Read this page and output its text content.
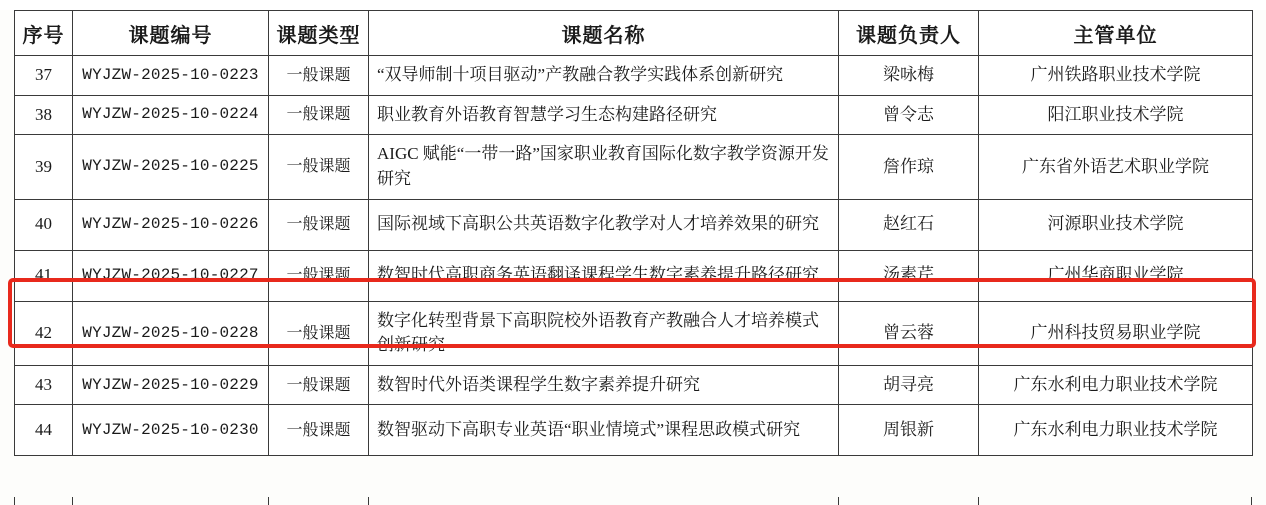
序号	课题编号	课题类型	课题名称	课题负责人	主管单位

37	WYJZW-2025-10-0223	一般课题	“双导师制十项目驱动”产教融合教学实践体系创新研究	梁咏梅	广州铁路职业技术学院

38	WYJZW-2025-10-0224	一般课题	职业教育外语教育智慧学习生态构建路径研究	曾令志	阳江职业技术学院

39	WYJZW-2025-10-0225	一般课题	AIGC 赋能“一带一路”国家职业教育国际化数字教学资源开发研究	詹作琼	广东省外语艺术职业学院

40	WYJZW-2025-10-0226	一般课题	国际视域下高职公共英语数字化教学对人才培养效果的研究	赵红石	河源职业技术学院

41	WYJZW-2025-10-0227	一般课题	数智时代高职商务英语翻译课程学生数字素养提升路径研究	汤素芹	广州华商职业学院

42	WYJZW-2025-10-0228	一般课题	数字化转型背景下高职院校外语教育产教融合人才培养模式创新研究	曾云蓉	广州科技贸易职业学院

43	WYJZW-2025-10-0229	一般课题	数智时代外语类课程学生数字素养提升研究	胡寻亮	广东水利电力职业技术学院

44	WYJZW-2025-10-0230	一般课题	数智驱动下高职专业英语“职业情境式”课程思政模式研究	周银新	广东水利电力职业技术学院
